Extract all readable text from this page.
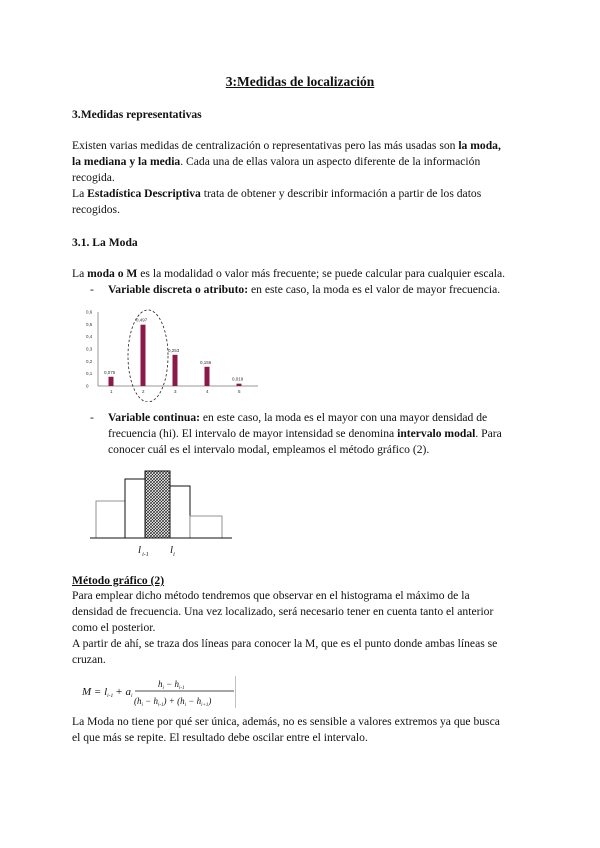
3:Medidas de localización
3.Medidas representativas
Existen varias medidas de centralización o representativas pero las más usadas son la moda,
la mediana y la media. Cada una de ellas valora un aspecto diferente de la información
recogida.
La Estadística Descriptiva trata de obtener y describir información a partir de los datos
recogidos.
3.1. La Moda
La moda o M es la modalidad o valor más frecuente; se puede calcular para cualquier escala.
- Variable discreta o atributo: en este caso, la moda es el valor de mayor frecuencia.
0,6
0,5
0,4
0,3
0,2
0,1
0
0,075
1
0,497
2
0,253
3
0,156
4
0,019
5
- Variable continua: en este caso, la moda es el mayor con una mayor densidad de
frecuencia (hi). El intervalo de mayor intensidad se denomina intervalo modal. Para
conocer cuál es el intervalo modal, empleamos el método gráfico (2).
$l_{i-1}$ $l_i$
Método gráfico (2)
Para emplear dicho método tendremos que observar en el histograma el máximo de la
densidad de frecuencia. Una vez localizado, será necesario tener en cuenta tanto el anterior
como el posterior.
A partir de ahí, se traza dos líneas para conocer la M, que es el punto donde ambas líneas se
cruzan.
M = li-1 + ai
$h_i - h_{i-1}$
$(h_i - h_{i-1}) + (h_i - h_{i+1})$
La Moda no tiene por qué ser única, además, no es sensible a valores extremos ya que busca
el que más se repite. El resultado debe oscilar entre el intervalo.
